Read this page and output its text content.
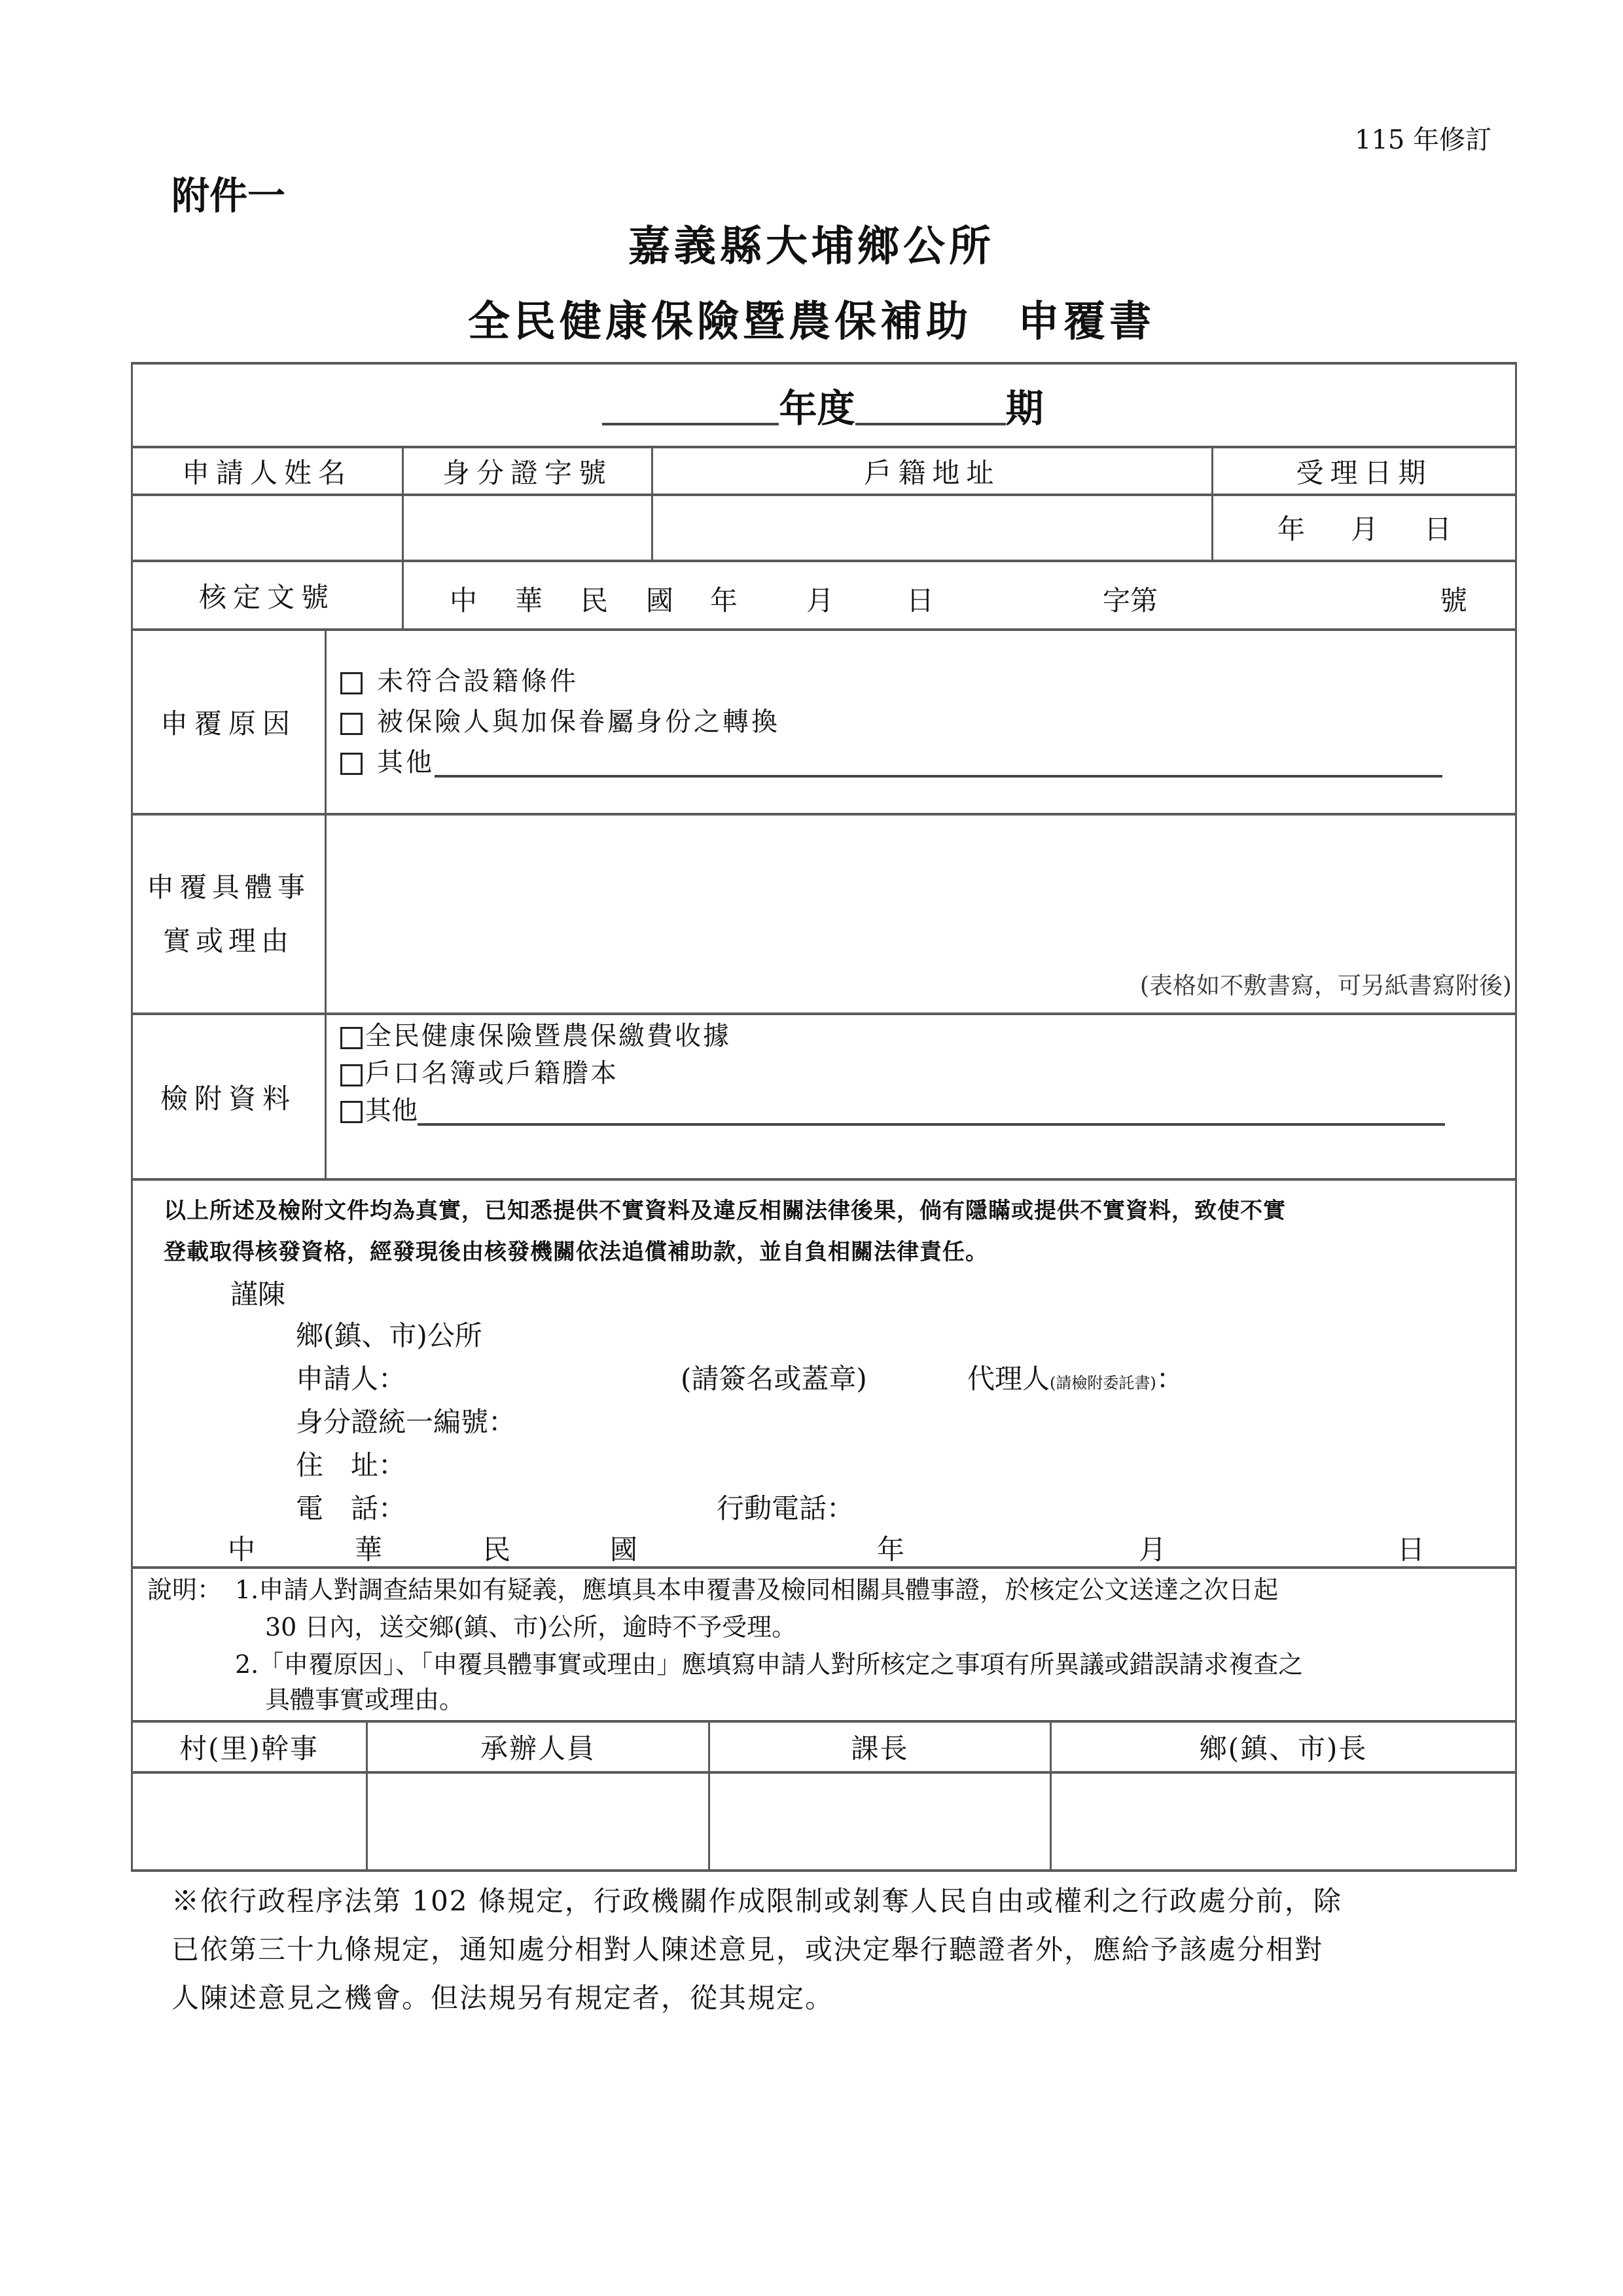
115 年修訂
附件一
嘉義縣大埔鄉公所
全民健康保險暨農保補助　申覆書
年度	期
申請人姓名	身分證字號	戶籍地址	受理日期
年 月 日
核定文號	中　華　民　國 年 月	日	字第	號
申覆原因
未符合設籍條件
被保險人與加保眷屬身份之轉換
其他
申覆具體事
實或理由
(表格如不敷書寫，可另紙書寫附後)
檢附資料
全民健康保險暨農保繳費收據
戶口名簿或戶籍謄本
其他
以上所述及檢附文件均為真實，已知悉提供不實資料及違反相關法律後果，倘有隱瞞或提供不實資料，致使不實
登載取得核發資格，經發現後由核發機關依法追償補助款，並自負相關法律責任。
謹陳
鄉(鎮、市)公所
申請人：	(請簽名或蓋章)	代理人(請檢附委託書)：
身分證統一編號：
住　址：
電　話：	行動電話：
中	華	民	國	年	月	日
說明： 1.申請人對調查結果如有疑義，應填具本申覆書及檢同相關具體事證，於核定公文送達之次日起
30 日內，送交鄉(鎮、市)公所，逾時不予受理。
2.「申覆原因」、「申覆具體事實或理由」應填寫申請人對所核定之事項有所異議或錯誤請求複查之
具體事實或理由。
村(里)幹事	承辦人員	課長	鄉(鎮、市)長
※依行政程序法第 102 條規定，行政機關作成限制或剝奪人民自由或權利之行政處分前，除
已依第三十九條規定，通知處分相對人陳述意見，或決定舉行聽證者外，應給予該處分相對
人陳述意見之機會。但法規另有規定者，從其規定。
